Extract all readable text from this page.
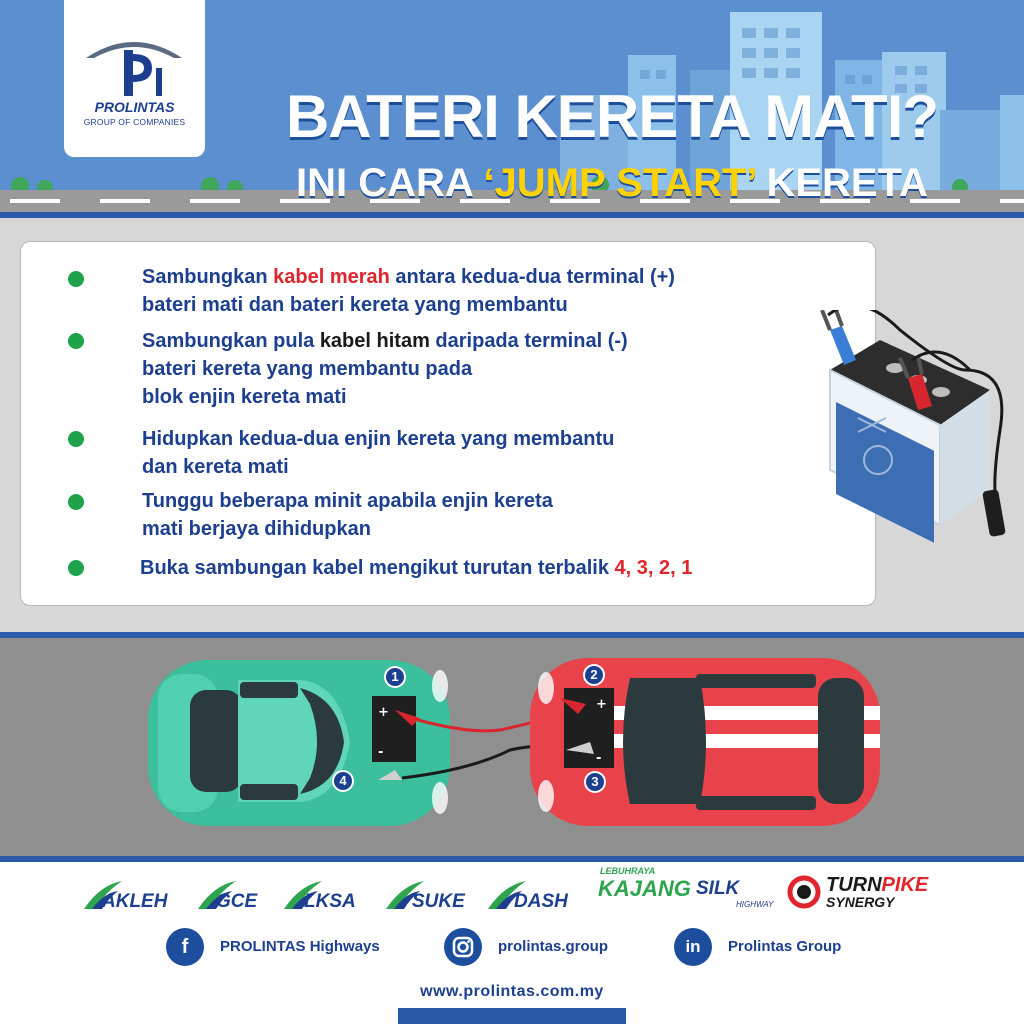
PROLINTAS
GROUP OF COMPANIES	BATERI KERETA MATI?
INI CARA ‘JUMP START’ KERETA
Sambungkan kabel merah antara kedua-dua terminal (+)
bateri mati dan bateri kereta yang membantu
Sambungkan pula kabel hitam daripada terminal (-)
bateri kereta yang membantu pada
blok enjin kereta mati
Hidupkan kedua-dua enjin kereta yang membantu
dan kereta mati
Tunggu beberapa minit apabila enjin kereta
mati berjaya dihidupkan
Buka sambungan kabel mengikut turutan terbalik 4, 3, 2, 1
+
-
+
-
1	2
3
4
AKLEH	GCE LKSA	SUKE	DASH
LEBUHRAYA
KAJANG SILK
HIGHWAY
TURNPIKE
SYNERGY
f	PROLINTAS Highways	prolintas.group	in	Prolintas Group
www.prolintas.com.my
